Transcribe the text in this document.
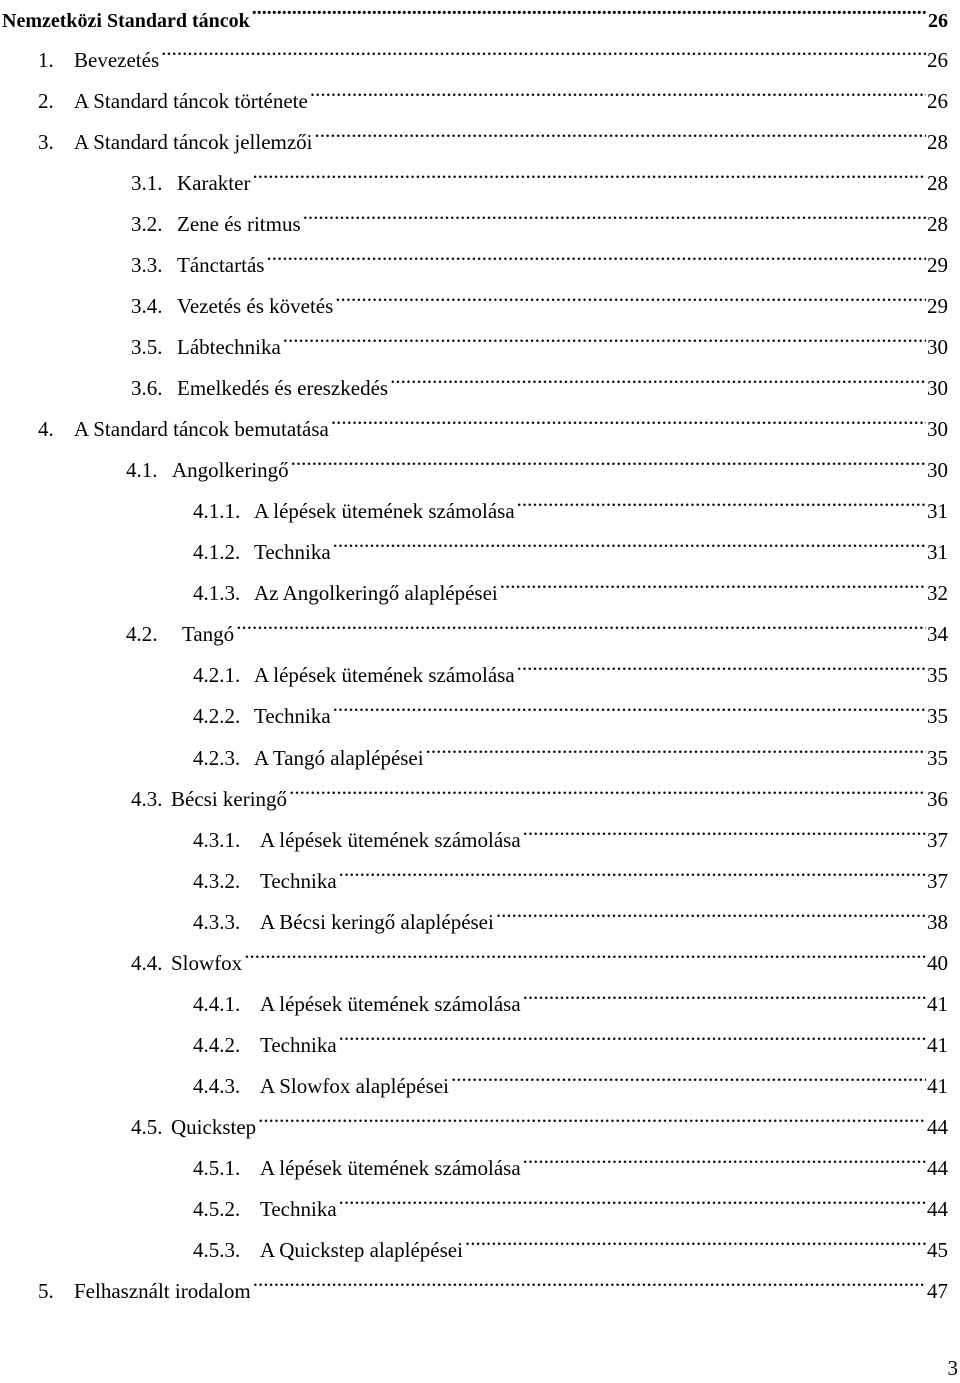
Nemzetközi Standard táncok .....	26
1. Bevezetés .....	26
2. A Standard táncok története .....	26
3. A Standard táncok jellemzői .....	28
3.1. Karakter .....	28
3.2. Zene és ritmus .....	28
3.3. Tánctartás .....	29
3.4. Vezetés és követés .....	29
3.5. Lábtechnika .....	30
3.6. Emelkedés és ereszkedés .....	30
4. A Standard táncok bemutatása .....	30
4.1. Angolkeringő .....	30
4.1.1. A lépések ütemének számolása .....	31
4.1.2. Technika .....	31
4.1.3. Az Angolkeringő alaplépései .....	32
4.2. Tangó .....	34
4.2.1. A lépések ütemének számolása .....	35
4.2.2. Technika .....	35
4.2.3. A Tangó alaplépései .....	35
4.3. Bécsi keringő .....	36
4.3.1. A lépések ütemének számolása .....	37
4.3.2. Technika .....	37
4.3.3. A Bécsi keringő alaplépései .....	38
4.4. Slowfox .....	40
4.4.1. A lépések ütemének számolása .....	41
4.4.2. Technika .....	41
4.4.3. A Slowfox alaplépései .....	41
4.5. Quickstep .....	44
4.5.1. A lépések ütemének számolása .....	44
4.5.2. Technika .....	44
4.5.3. A Quickstep alaplépései .....	45
5. Felhasznált irodalom .....	47
3
